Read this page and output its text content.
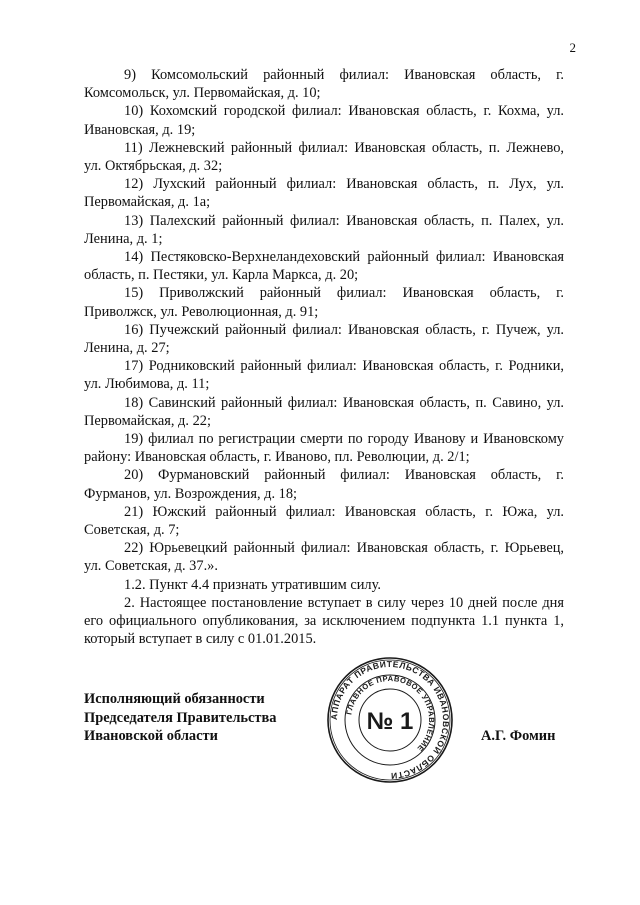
2

9) Комсомольский районный филиал: Ивановская область, г. Комсомольск, ул. Первомайская, д. 10;

10) Кохомский городской филиал: Ивановская область, г. Кохма, ул. Ивановская, д. 19;

11) Лежневский районный филиал: Ивановская область, п. Лежнево, ул. Октябрьская, д. 32;

12) Лухский районный филиал: Ивановская область, п. Лух, ул. Первомайская, д. 1а;

13) Палехский районный филиал: Ивановская область, п. Палех, ул. Ленина, д. 1;

14) Пестяковско-Верхнеландеховский районный филиал: Ивановская область, п. Пестяки, ул. Карла Маркса, д. 20;

15) Приволжский районный филиал: Ивановская область, г. Приволжск, ул. Революционная, д. 91;

16) Пучежский районный филиал: Ивановская область, г. Пучеж, ул. Ленина, д. 27;

17) Родниковский районный филиал: Ивановская область, г. Родники, ул. Любимова, д. 11;

18) Савинский районный филиал: Ивановская область, п. Савино, ул. Первомайская, д. 22;

19) филиал по регистрации смерти по городу Иванову и Ивановскому району: Ивановская область, г. Иваново, пл. Революции, д. 2/1;

20) Фурмановский районный филиал: Ивановская область, г. Фурманов, ул. Возрождения, д. 18;

21) Южский районный филиал: Ивановская область, г. Южа, ул. Советская, д. 7;

22) Юрьевецкий районный филиал: Ивановская область, г. Юрьевец, ул. Советская, д. 37.».

1.2. Пункт 4.4 признать утратившим силу.

2. Настоящее постановление вступает в силу через 10 дней после дня его официального опубликования, за исключением подпункта 1.1 пункта 1, который вступает в силу с 01.01.2015.

Исполняющий обязанности
Председателя Правительства
Ивановской области
АППАРАТ ПРАВИТЕЛЬСТВА ИВАНОВСКОЙ ОБЛАСТИ
ГЛАВНОЕ ПРАВОВОЕ УПРАВЛЕНИЕ
№ 1
А.Г. Фомин
